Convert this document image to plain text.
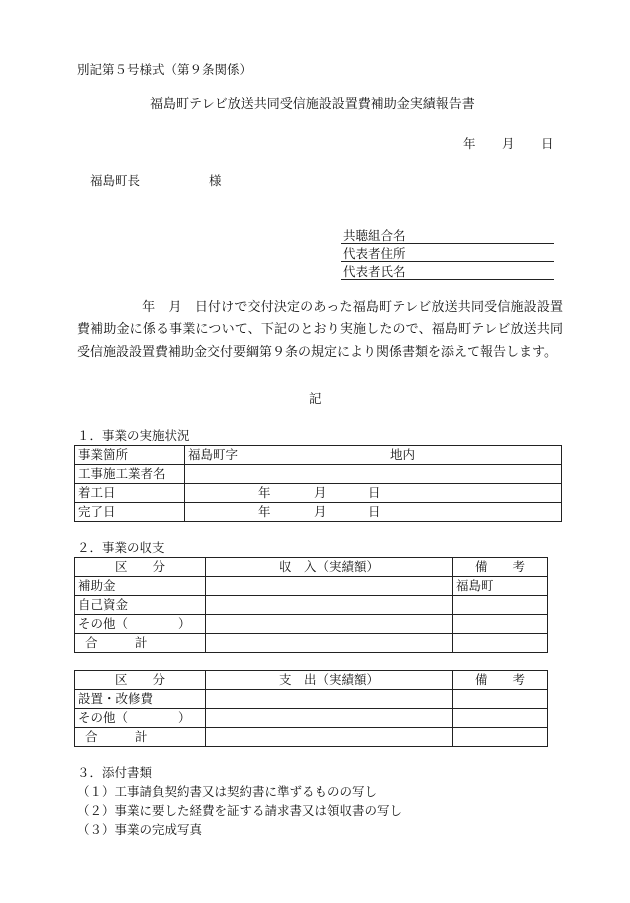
別記第５号様式（第９条関係）
福島町テレビ放送共同受信施設設置費補助金実績報告書
年 月 日
福島町長	様
共聴組合名
代表者住所
代表者氏名
年　月　日付けで交付決定のあった福島町テレビ放送共同受信施設設置費補助金に係る事業について、下記のとおり実施したので、福島町テレビ放送共同受信施設設置費補助金交付要綱第９条の規定により関係書類を添えて報告します。
記
１．事業の実施状況
事業箇所	福島町字 地内

工事施工業者名	
着工日	年 月 日

完了日	年 月 日
２．事業の収支
区　　分	収　入（実績額）	備　　考
補助金		福島町
自己資金		
その他（　　　　）		
合　　　計		
区　　分	支　出（実績額）	備　　考
設置・改修費		
その他（　　　　）		
合　　　計		
３．添付書類
（１）工事請負契約書又は契約書に準ずるものの写し
（２）事業に要した経費を証する請求書又は領収書の写し
（３）事業の完成写真
